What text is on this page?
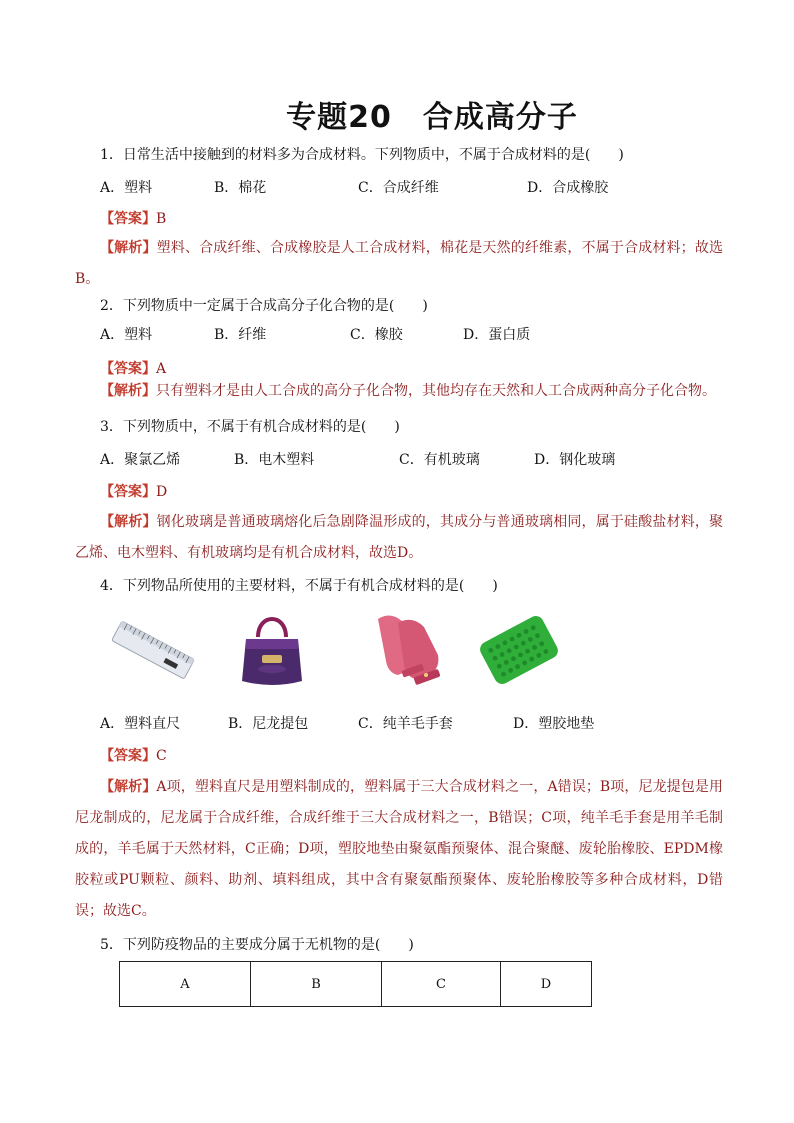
专题20　合成高分子
1．日常生活中接触到的材料多为合成材料。下列物质中，不属于合成材料的是(　　)
A．塑料	B．棉花	C．合成纤维	D．合成橡胶
【答案】B
【解析】塑料、合成纤维、合成橡胶是人工合成材料，棉花是天然的纤维素，不属于合成材料；故选B。
2．下列物质中一定属于合成高分子化合物的是(　　)
A．塑料	B．纤维	C．橡胶	D．蛋白质
【答案】A
【解析】只有塑料才是由人工合成的高分子化合物，其他均存在天然和人工合成两种高分子化合物。
3．下列物质中，不属于有机合成材料的是(　　)
A．聚氯乙烯	B．电木塑料	C．有机玻璃	D．钢化玻璃
【答案】D
【解析】钢化玻璃是普通玻璃熔化后急剧降温形成的，其成分与普通玻璃相同，属于硅酸盐材料，聚乙烯、电木塑料、有机玻璃均是有机合成材料，故选D。
4．下列物品所使用的主要材料，不属于有机合成材料的是(　　)
A．塑料直尺	B．尼龙提包	C．纯羊毛手套	D．塑胶地垫
【答案】C
【解析】A项，塑料直尺是用塑料制成的，塑料属于三大合成材料之一，A错误；B项，尼龙提包是用尼龙制成的，尼龙属于合成纤维，合成纤维于三大合成材料之一，B错误；C项，纯羊毛手套是用羊毛制成的，羊毛属于天然材料，C正确；D项，塑胶地垫由聚氨酯预聚体、混合聚醚、废轮胎橡胶、EPDM橡胶粒或PU颗粒、颜料、助剂、填料组成，其中含有聚氨酯预聚体、废轮胎橡胶等多种合成材料，D错误；故选C。
5．下列防疫物品的主要成分属于无机物的是(　　)
A	B	C	D
